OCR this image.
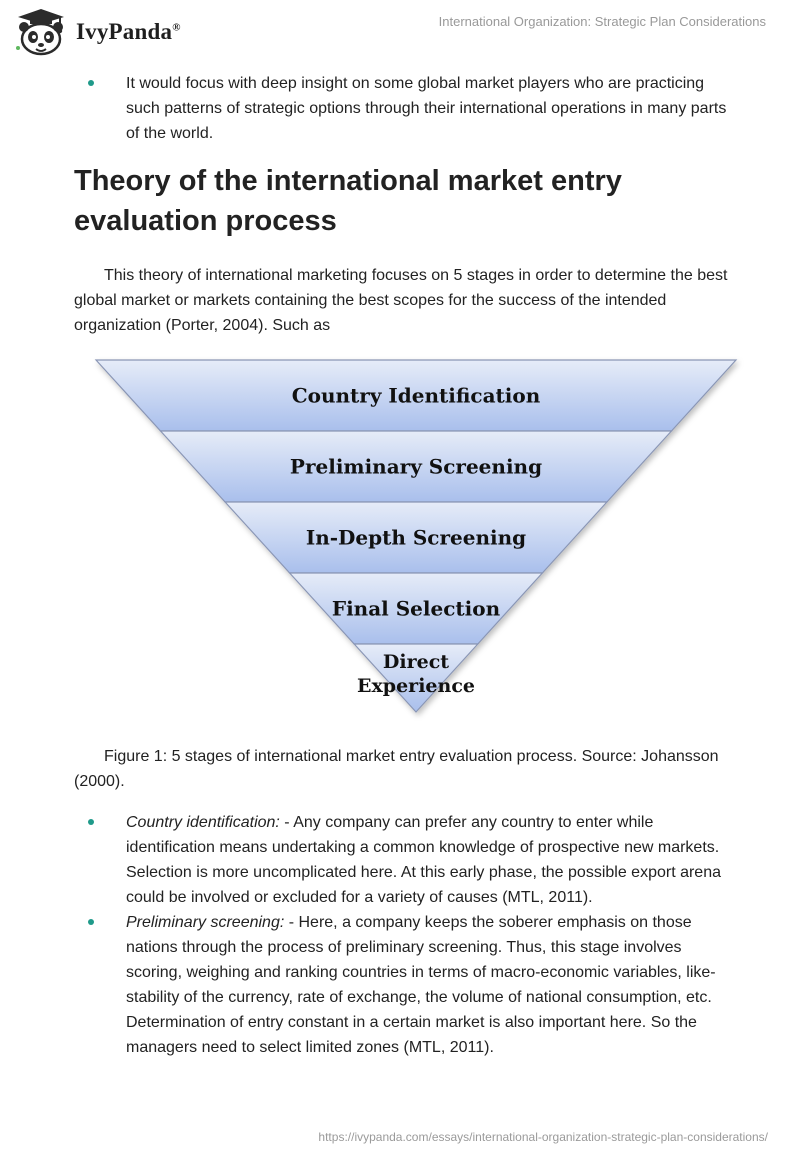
IvyPanda®	International Organization: Strategic Plan Considerations
It would focus with deep insight on some global market players who are practicing such patterns of strategic options through their international operations in many parts of the world.
Theory of the international market entry evaluation process

This theory of international marketing focuses on 5 stages in order to determine the best global market or markets containing the best scopes for the success of the intended organization (Porter, 2004). Such as

Country Identification
Preliminary Screening
In-Depth Screening
Final Selection
Direct Experience

Figure 1: 5 stages of international market entry evaluation process. Source: Johansson (2000).

Country identification: - Any company can prefer any country to enter while identification means undertaking a common knowledge of prospective new markets. Selection is more uncomplicated here. At this early phase, the possible export arena could be involved or excluded for a variety of causes (MTL, 2011).
Preliminary screening: - Here, a company keeps the soberer emphasis on those nations through the process of preliminary screening. Thus, this stage involves scoring, weighing and ranking countries in terms of macro-economic variables, like- stability of the currency, rate of exchange, the volume of national consumption, etc. Determination of entry constant in a certain market is also important here. So the managers need to select limited zones (MTL, 2011).
https://ivypanda.com/essays/international-organization-strategic-plan-considerations/
